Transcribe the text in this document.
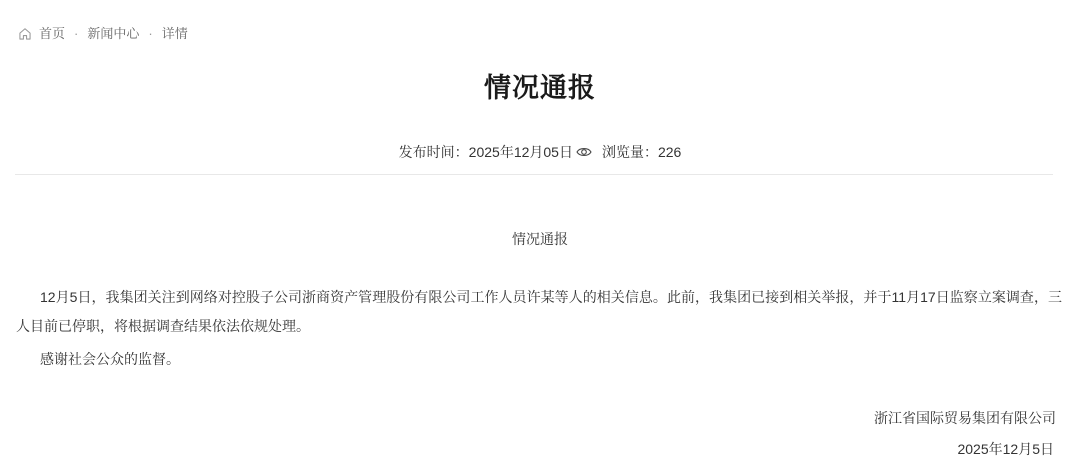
首页 · 新闻中心 · 详情
情况通报
发布时间：2025年12月05日 浏览量：226
情况通报

12月5日，我集团关注到网络对控股子公司浙商资产管理股份有限公司工作人员许某等人的相关信息。此前，我集团已接到相关举报，并于11月17日监察立案调查，三人目前已停职，将根据调查结果依法依规处理。

感谢社会公众的监督。

浙江省国际贸易集团有限公司
2025年12月5日
